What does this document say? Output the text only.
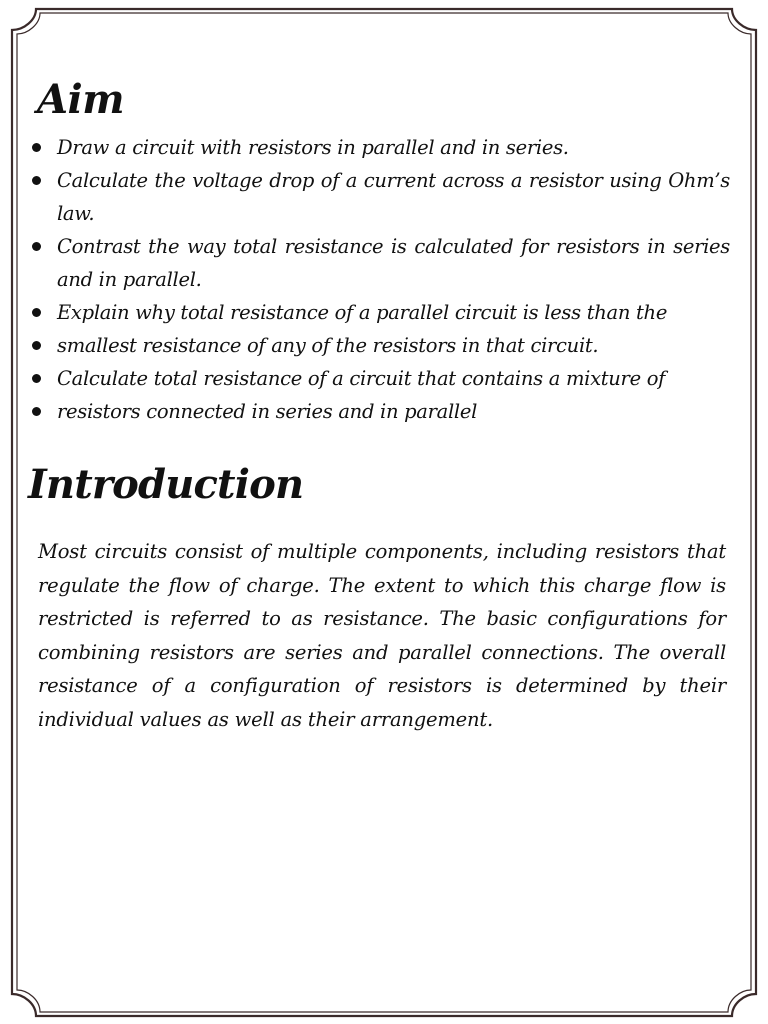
Aim
Draw a circuit with resistors in parallel and in series.
Calculate the voltage drop of a current across a resistor using Ohm’s law.
Contrast the way total resistance is calculated for resistors in series and in parallel.
Explain why total resistance of a parallel circuit is less than the
smallest resistance of any of the resistors in that circuit.
Calculate total resistance of a circuit that contains a mixture of
resistors connected in series and in parallel
Introduction

Most circuits consist of multiple components, including resistors that regulate the flow of charge. The extent to which this charge flow is restricted is referred to as resistance. The basic configurations for combining resistors are series and parallel connections. The overall resistance of a configuration of resistors is determined by their individual values as well as their arrangement.
